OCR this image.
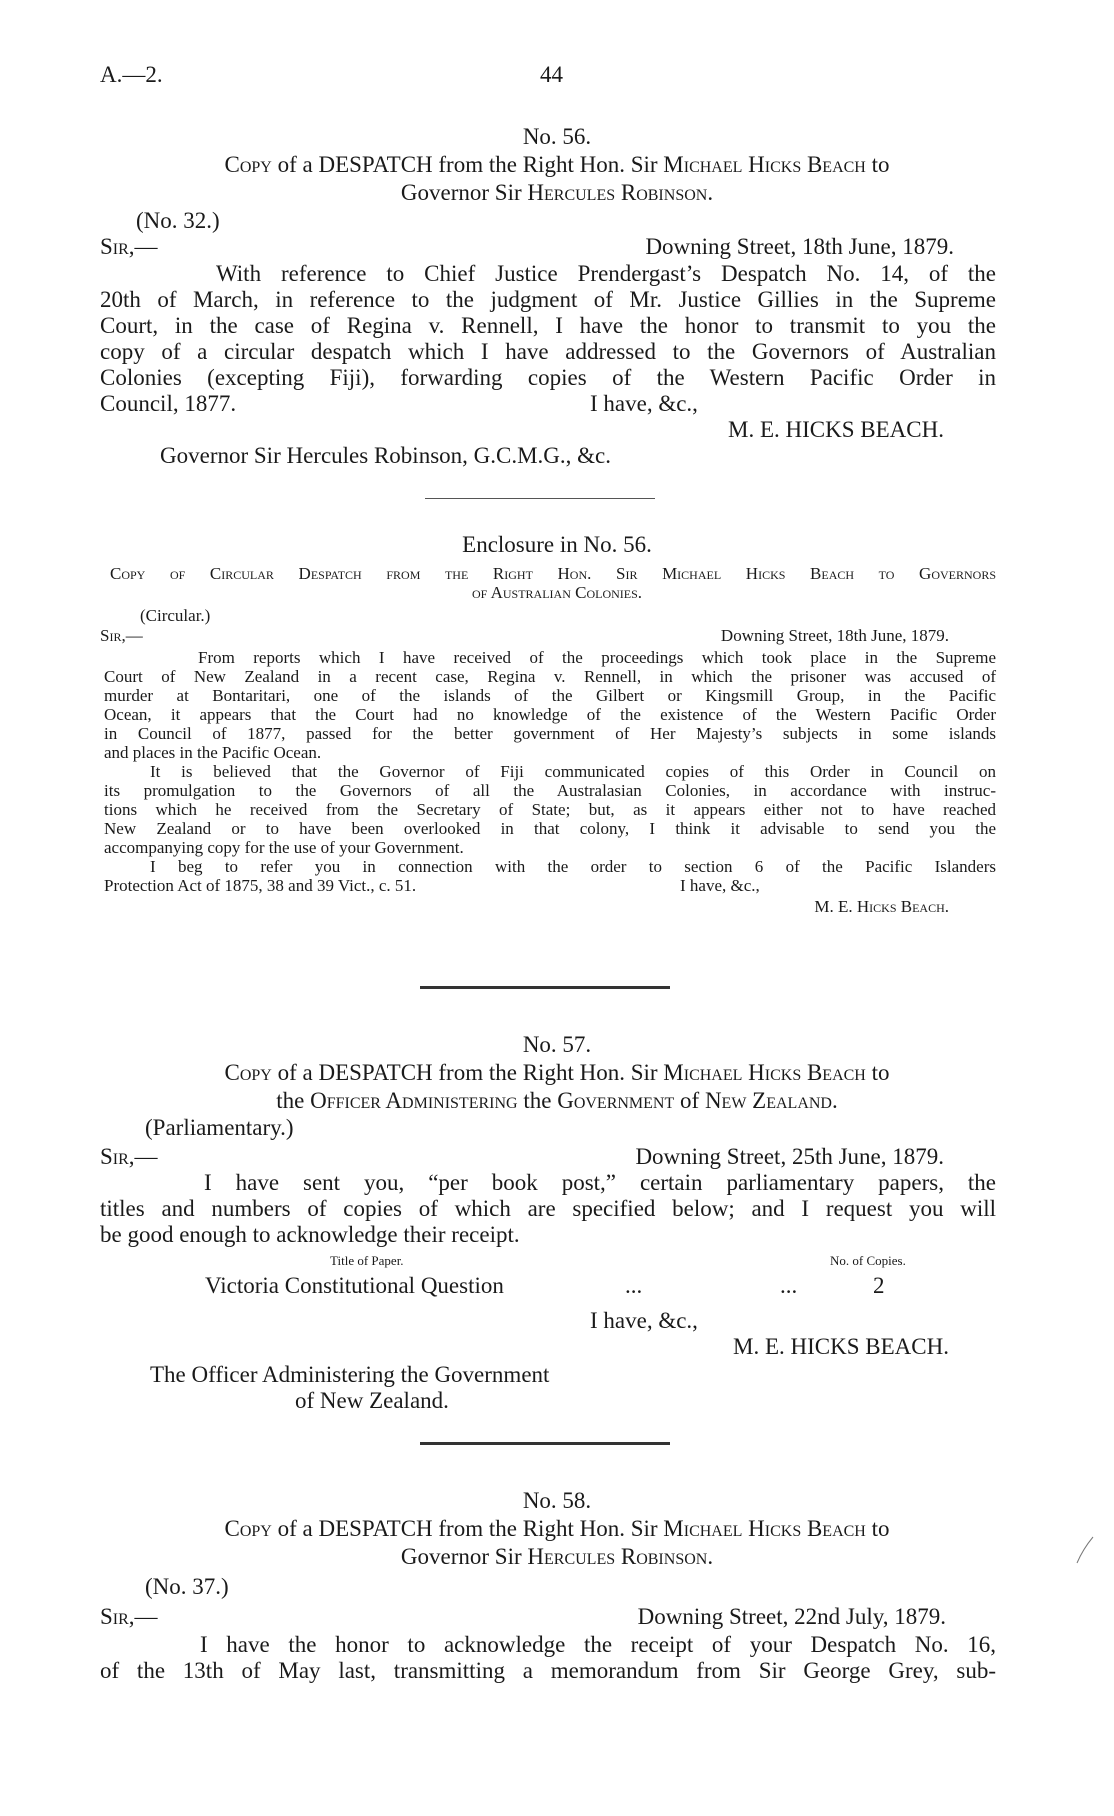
A.—2.	44
No. 56.
Copy of a DESPATCH from the Right Hon. Sir Michael Hicks Beach to
Governor Sir Hercules Robinson.
(No. 32.)
Sir,—	Downing Street, 18th June, 1879.
With reference to Chief Justice Prendergast’s Despatch No. 14, of the
20th of March, in reference to the judgment of Mr. Justice Gillies in the Supreme
Court, in the case of Regina v. Rennell, I have the honor to transmit to you the
copy of a circular despatch which I have addressed to the Governors of Australian
Colonies (excepting Fiji), forwarding copies of the Western Pacific Order in
Council, 1877.	I have, &c.,
M. E. HICKS BEACH.
Governor Sir Hercules Robinson, G.C.M.G., &c.
Enclosure in No. 56.
Copy of Circular Despatch from the Right Hon. Sir Michael Hicks Beach to Governors
of Australian Colonies.
(Circular.)
Sir,—	Downing Street, 18th June, 1879.
From reports which I have received of the proceedings which took place in the Supreme
Court of New Zealand in a recent case, Regina v. Rennell, in which the prisoner was accused of
murder at Bontaritari, one of the islands of the Gilbert or Kingsmill Group, in the Pacific
Ocean, it appears that the Court had no knowledge of the existence of the Western Pacific Order
in Council of 1877, passed for the better government of Her Majesty’s subjects in some islands
and places in the Pacific Ocean.
It is believed that the Governor of Fiji communicated copies of this Order in Council on
its promulgation to the Governors of all the Australasian Colonies, in accordance with instruc-
tions which he received from the Secretary of State; but, as it appears either not to have reached
New Zealand or to have been overlooked in that colony, I think it advisable to send you the
accompanying copy for the use of your Government.
I beg to refer you in connection with the order to section 6 of the Pacific Islanders
Protection Act of 1875, 38 and 39 Vict., c. 51.	I have, &c.,
M. E. Hicks Beach.
No. 57.
Copy of a DESPATCH from the Right Hon. Sir Michael Hicks Beach to
the Officer Administering the Government of New Zealand.
(Parliamentary.)
Sir,—	Downing Street, 25th June, 1879.
I have sent you, “per book post,” certain parliamentary papers, the
titles and numbers of copies of which are specified below; and I request you will
be good enough to acknowledge their receipt.
Title of Paper.	No. of Copies.
Victoria Constitutional Question	...	...	2
I have, &c.,
M. E. HICKS BEACH.
The Officer Administering the Government
of New Zealand.
No. 58.
Copy of a DESPATCH from the Right Hon. Sir Michael Hicks Beach to
Governor Sir Hercules Robinson.
(No. 37.)
Sir,—	Downing Street, 22nd July, 1879.
I have the honor to acknowledge the receipt of your Despatch No. 16,
of the 13th of May last, transmitting a memorandum from Sir George Grey, sub-
